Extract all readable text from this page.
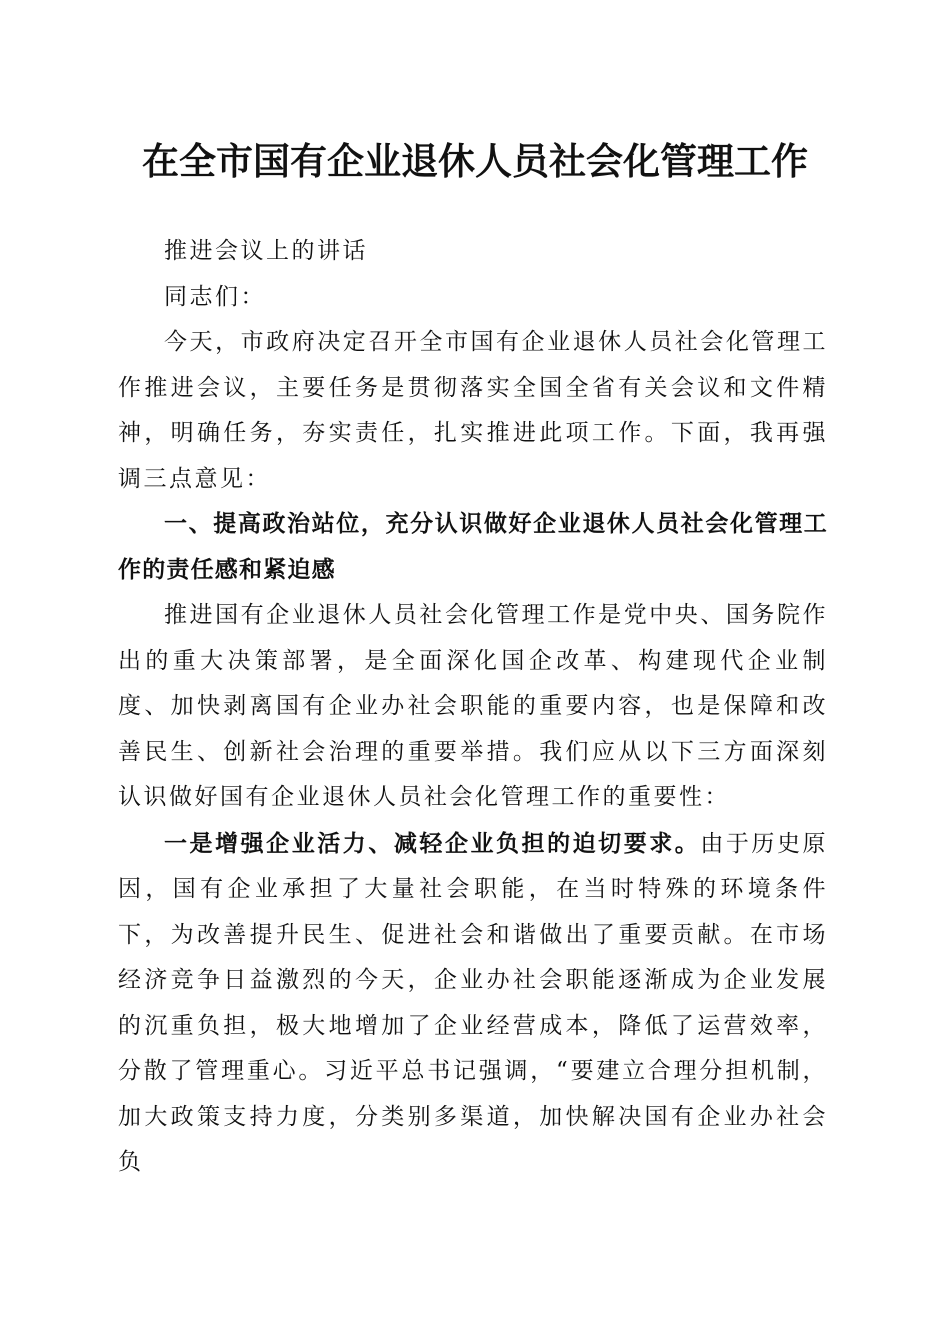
在全市国有企业退休人员社会化管理工作

推进会议上的讲话

同志们：

今天，市政府决定召开全市国有企业退休人员社会化管理工作推进会议，主要任务是贯彻落实全国全省有关会议和文件精神，明确任务，夯实责任，扎实推进此项工作。下面，我再强调三点意见：

一、提高政治站位，充分认识做好企业退休人员社会化管理工作的责任感和紧迫感

推进国有企业退休人员社会化管理工作是党中央、国务院作出的重大决策部署，是全面深化国企改革、构建现代企业制度、加快剥离国有企业办社会职能的重要内容，也是保障和改善民生、创新社会治理的重要举措。我们应从以下三方面深刻认识做好国有企业退休人员社会化管理工作的重要性：

一是增强企业活力、减轻企业负担的迫切要求。由于历史原因，国有企业承担了大量社会职能，在当时特殊的环境条件下，为改善提升民生、促进社会和谐做出了重要贡献。在市场经济竞争日益激烈的今天，企业办社会职能逐渐成为企业发展的沉重负担，极大地增加了企业经营成本，降低了运营效率，分散了管理重心。习近平总书记强调，“要建立合理分担机制，加大政策支持力度，分类别多渠道，加快解决国有企业办社会负
